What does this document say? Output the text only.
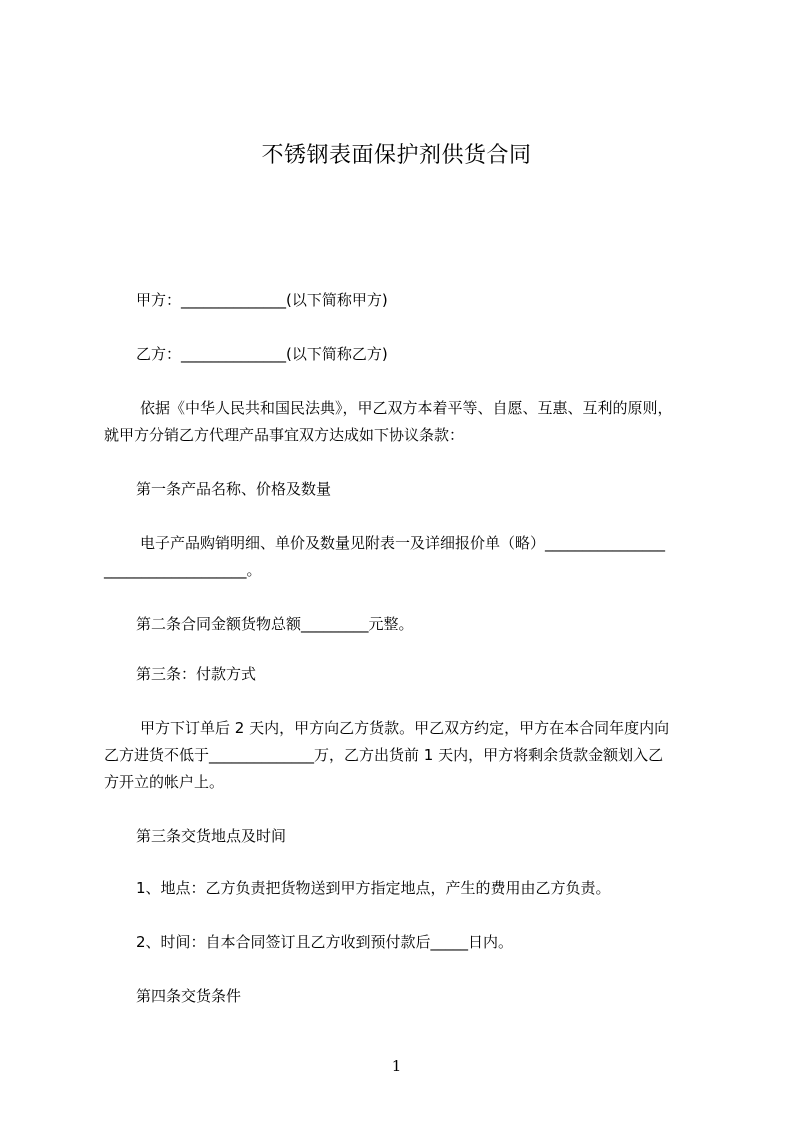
不锈钢表面保护剂供货合同
甲方：______________(以下简称甲方)
乙方：______________(以下简称乙方)
依据《中华人民共和国民法典》，甲乙双方本着平等、自愿、互惠、互利的原则，
就甲方分销乙方代理产品事宜双方达成如下协议条款：
第一条产品名称、价格及数量
电子产品购销明细、单价及数量见附表一及详细报价单（略）________________
___________________。
第二条合同金额货物总额_________元整。
第三条：付款方式
甲方下订单后 2 天内，甲方向乙方货款。甲乙双方约定，甲方在本合同年度内向
乙方进货不低于______________万，乙方出货前 1 天内，甲方将剩余货款金额划入乙
方开立的帐户上。
第三条交货地点及时间
1、地点：乙方负责把货物送到甲方指定地点，产生的费用由乙方负责。
2、时间：自本合同签订且乙方收到预付款后_____日内。
第四条交货条件
1
